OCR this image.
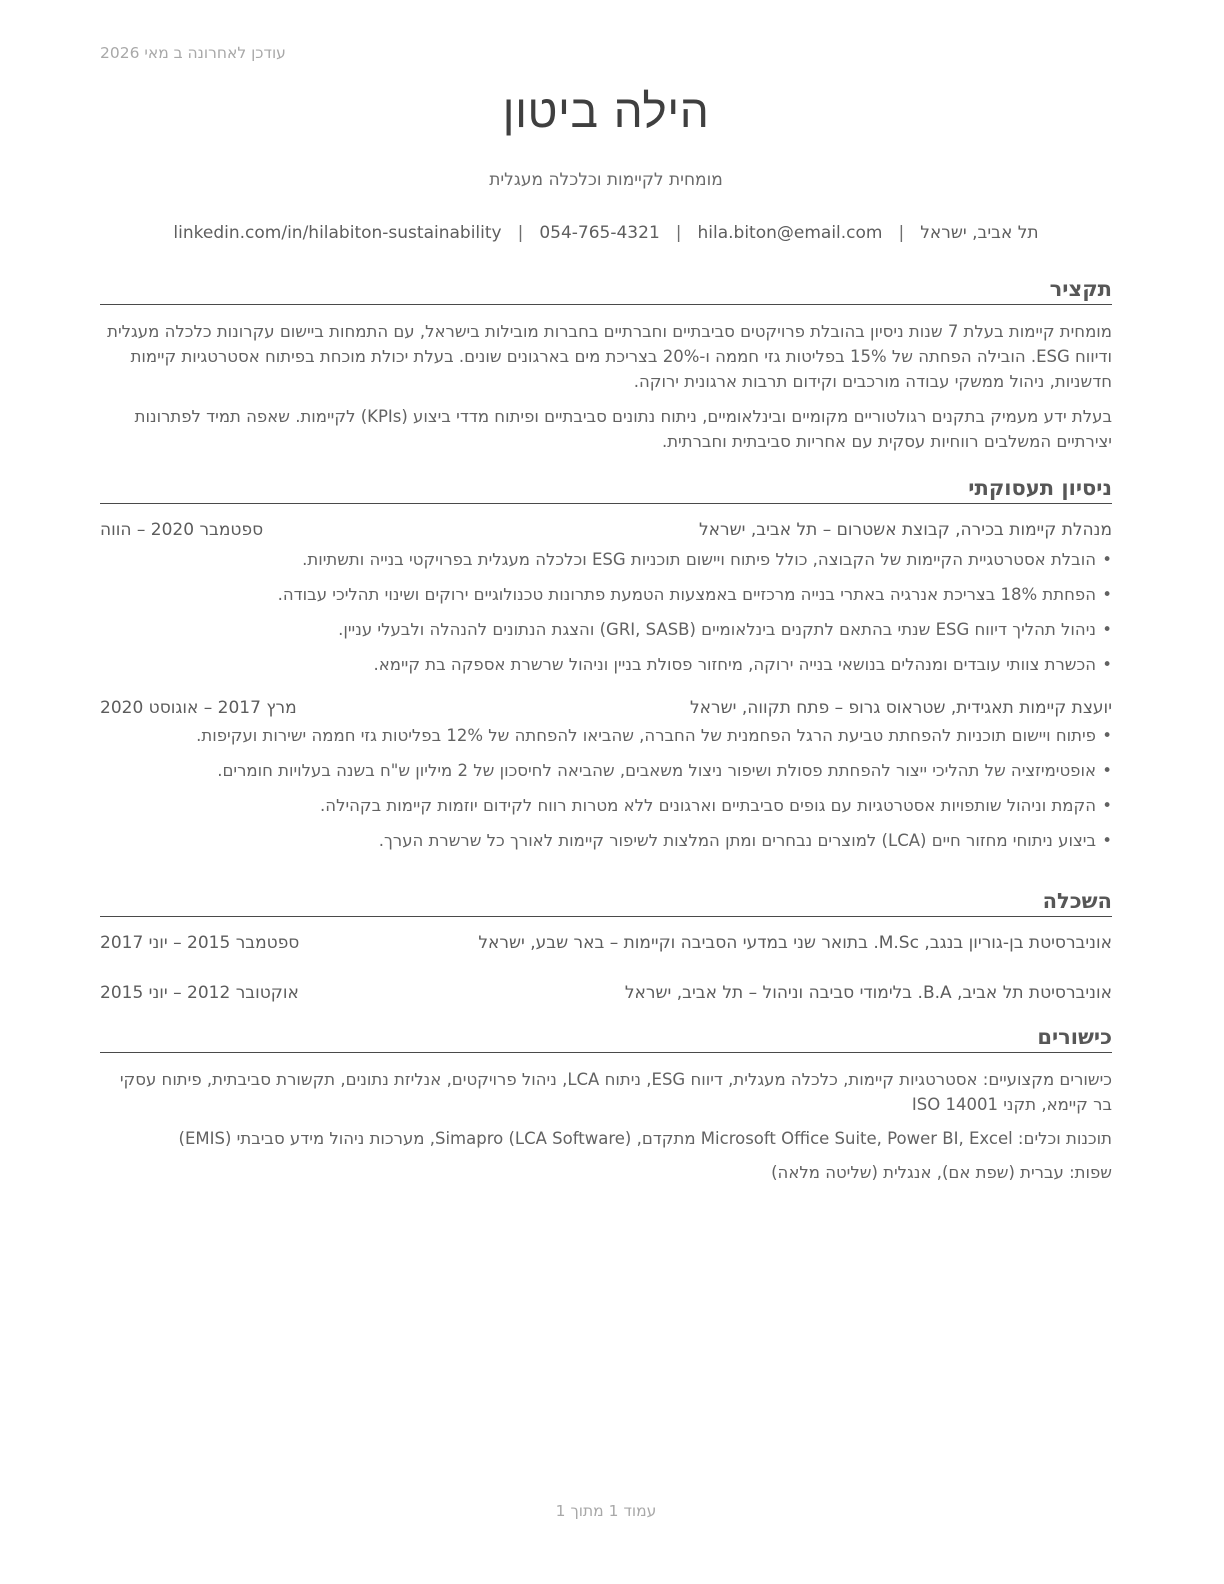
עודכן לאחרונה ב מאי 2026
הילה ביטון
מומחית לקיימות וכלכלה מעגלית
תל אביב, ישראל
|
hila.biton@email.com
|
054-765-4321
|
linkedin.com/in/hilabiton-sustainability
תקציר

מומחית קיימות בעלת 7 שנות ניסיון בהובלת פרויקטים סביבתיים וחברתיים בחברות מובילות בישראל, עם התמחות ביישום עקרונות כלכלה מעגלית ודיווח ESG. הובילה הפחתה של 15% בפליטות גזי חממה ו-20% בצריכת מים בארגונים שונים. בעלת יכולת מוכחת בפיתוח אסטרטגיות קיימות חדשניות, ניהול ממשקי עבודה מורכבים וקידום תרבות ארגונית ירוקה.

בעלת ידע מעמיק בתקנים רגולטוריים מקומיים ובינלאומיים, ניתוח נתונים סביבתיים ופיתוח מדדי ביצוע (KPIs) לקיימות. שאפה תמיד לפתרונות יצירתיים המשלבים רווחיות עסקית עם אחריות סביבתית וחברתית.

ניסיון תעסוקתי
מנהלת קיימות בכירה, קבוצת אשטרום – תל אביב, ישראל
ספטמבר 2020 – הווה
• הובלת אסטרטגיית הקיימות של הקבוצה, כולל פיתוח ויישום תוכניות ESG וכלכלה מעגלית בפרויקטי בנייה ותשתיות.
• הפחתת 18% בצריכת אנרגיה באתרי בנייה מרכזיים באמצעות הטמעת פתרונות טכנולוגיים ירוקים ושינוי תהליכי עבודה.
• ניהול תהליך דיווח ESG שנתי בהתאם לתקנים בינלאומיים (GRI, SASB) והצגת הנתונים להנהלה ולבעלי עניין.
• הכשרת צוותי עובדים ומנהלים בנושאי בנייה ירוקה, מיחזור פסולת בניין וניהול שרשרת אספקה בת קיימא.
יועצת קיימות תאגידית, שטראוס גרופ – פתח תקווה, ישראל
מרץ 2017 – אוגוסט 2020
• פיתוח ויישום תוכניות להפחתת טביעת הרגל הפחמנית של החברה, שהביאו להפחתה של 12% בפליטות גזי חממה ישירות ועקיפות.
• אופטימיזציה של תהליכי ייצור להפחתת פסולת ושיפור ניצול משאבים, שהביאה לחיסכון של 2 מיליון ש"ח בשנה בעלויות חומרים.
• הקמת וניהול שותפויות אסטרטגיות עם גופים סביבתיים וארגונים ללא מטרות רווח לקידום יוזמות קיימות בקהילה.
• ביצוע ניתוחי מחזור חיים (LCA) למוצרים נבחרים ומתן המלצות לשיפור קיימות לאורך כל שרשרת הערך.
השכלה
אוניברסיטת בן-גוריון בנגב, M.Sc. בתואר שני במדעי הסביבה וקיימות – באר שבע, ישראל
ספטמבר 2015 – יוני 2017
אוניברסיטת תל אביב, B.A. בלימודי סביבה וניהול – תל אביב, ישראל
אוקטובר 2012 – יוני 2015
כישורים

כישורים מקצועיים: אסטרטגיות קיימות, כלכלה מעגלית, דיווח ESG, ניתוח LCA, ניהול פרויקטים, אנליזת נתונים, תקשורת סביבתית, פיתוח עסקי בר קיימא, תקני ISO 14001

תוכנות וכלים: Microsoft Office Suite, Power BI, Excel מתקדם, Simapro (LCA Software), מערכות ניהול מידע סביבתי (EMIS)

שפות: עברית (שפת אם), אנגלית (שליטה מלאה)

עמוד 1 מתוך 1
